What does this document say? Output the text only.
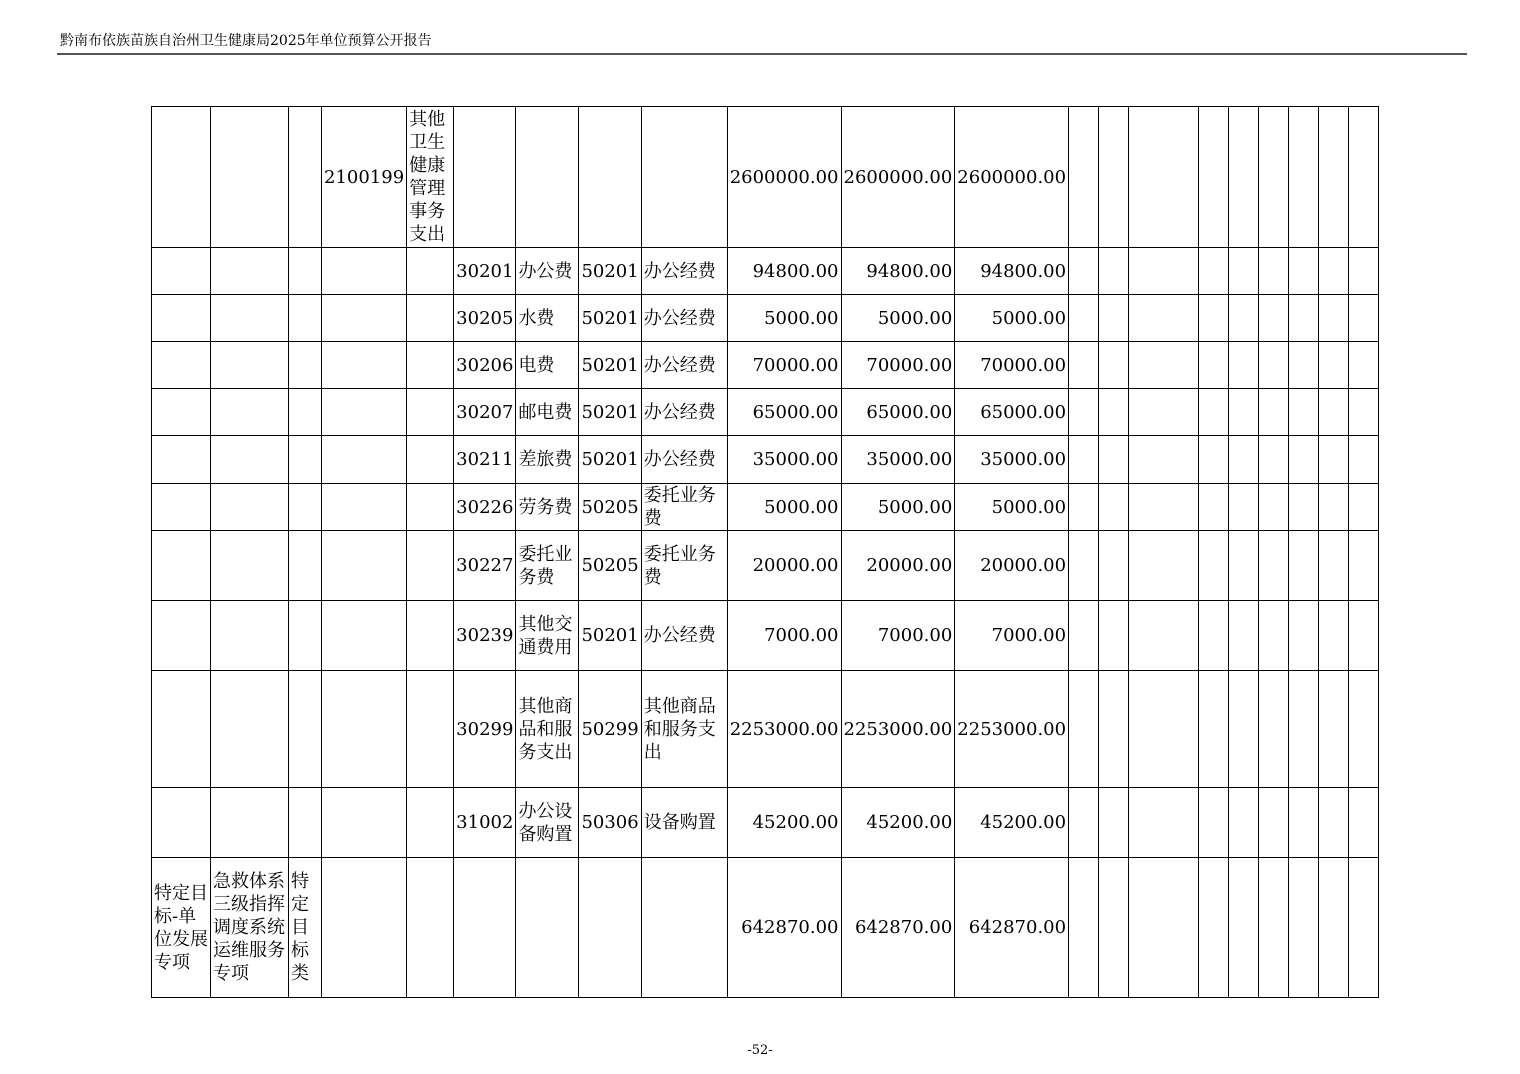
黔南布依族苗族自治州卫生健康局2025年单位预算公开报告
			2100199	其他卫生健康管理事务支出					2600000.00	2600000.00	2600000.00									
					30201	办公费	50201	办公经费	94800.00	94800.00	94800.00									
					30205	水费	50201	办公经费	5000.00	5000.00	5000.00									
					30206	电费	50201	办公经费	70000.00	70000.00	70000.00									
					30207	邮电费	50201	办公经费	65000.00	65000.00	65000.00									
					30211	差旅费	50201	办公经费	35000.00	35000.00	35000.00									
					30226	劳务费	50205	委托业务费	5000.00	5000.00	5000.00									
					30227	委托业务费	50205	委托业务费	20000.00	20000.00	20000.00									
					30239	其他交通费用	50201	办公经费	7000.00	7000.00	7000.00									
					30299	其他商品和服务支出	50299	其他商品和服务支出	2253000.00	2253000.00	2253000.00									
					31002	办公设备购置	50306	设备购置	45200.00	45200.00	45200.00									
特定目标-单位发展专项	急救体系三级指挥调度系统运维服务专项	特定目标类							642870.00	642870.00	642870.00									
-52-
